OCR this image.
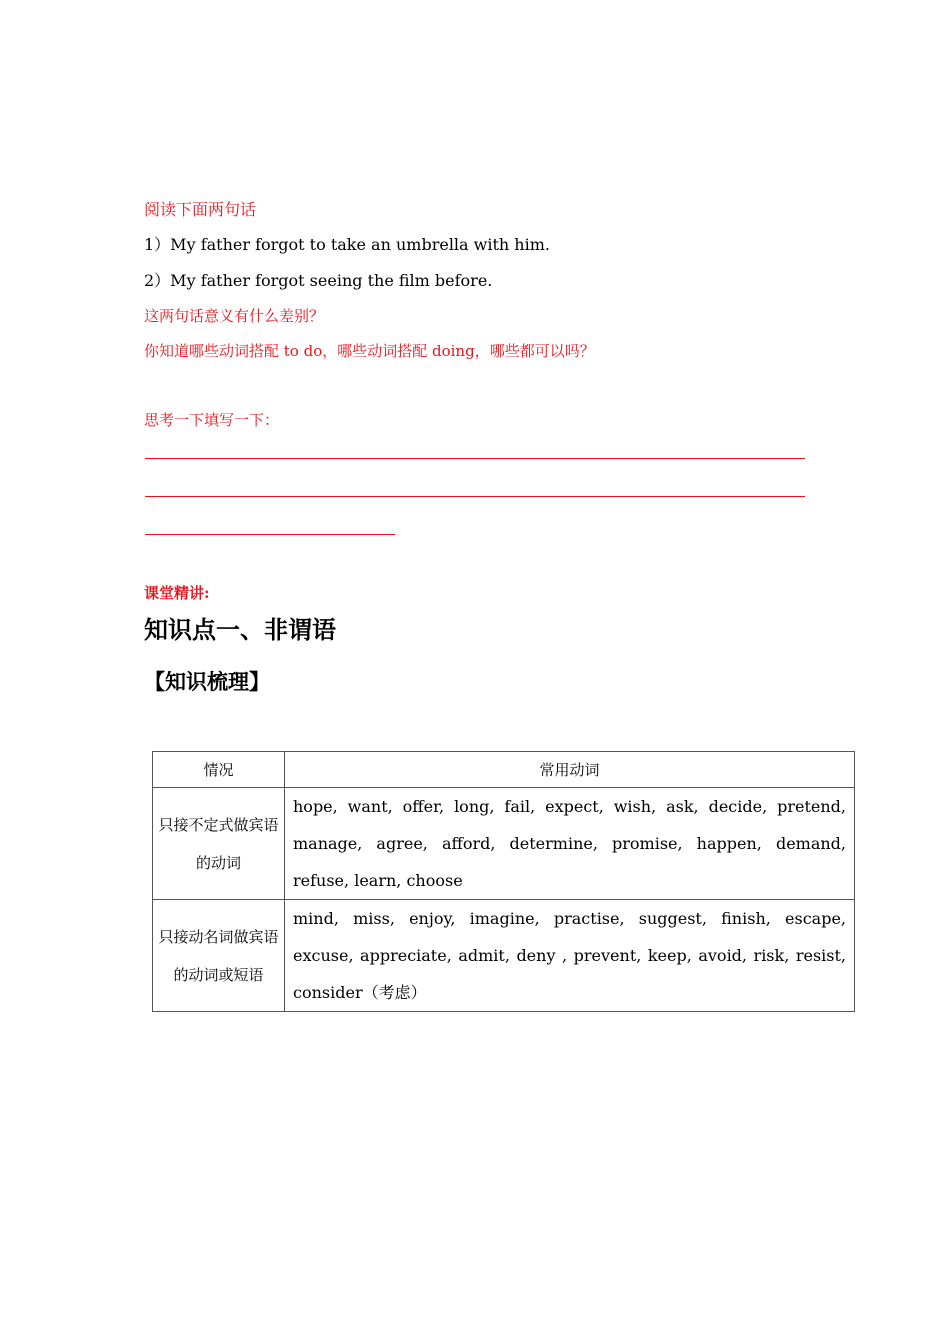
阅读下面两句话
1）My father forgot to take an umbrella with him.
2）My father forgot seeing the film before.
这两句话意义有什么差别？
你知道哪些动词搭配 to do，哪些动词搭配 doing，哪些都可以吗？
思考一下填写一下：
课堂精讲:
知识点一、非谓语
【知识梳理】
情况	常用动词
只接不定式做宾语的动词	hope, want, offer, long, fail, expect, wish, ask, decide, pretend, manage, agree, afford, determine, promise, happen, demand, refuse, learn, choose
只接动名词做宾语的动词或短语	mind, miss, enjoy, imagine, practise, suggest, finish, escape, excuse, appreciate, admit, deny , prevent, keep, avoid, risk, resist, consider（考虑）
